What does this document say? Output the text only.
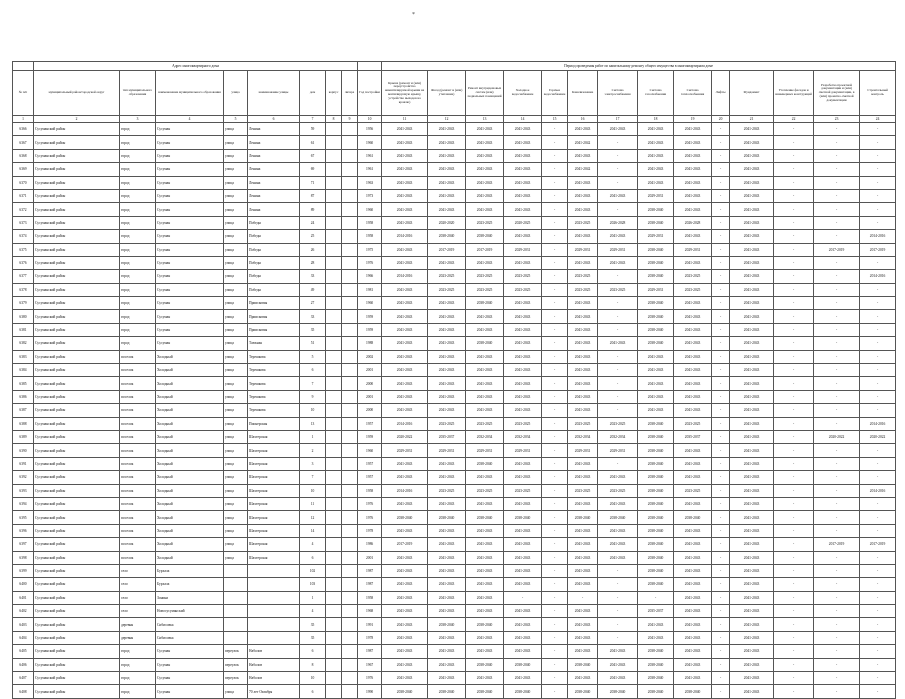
*
	Адрес многоквартирного дома									Период проведения работ по капитальному ремонту общего имущества в многоквартирном доме													
№ п/п	муниципальный район/городской округ	тип муниципального образования	наименование муниципального образования	улица	наименование улицы	дом	корпус	литера	Год постройки	Крыша (ремонт и (или) переустройство невентилируемой крыши на вентилируемую крышу, устройство выходов на кровлю)	Фасад (ремонт и (или) утепление)	Ремонт внутридомовых систем (или) подвальных помещений	Холодное водоснабжение	Горячее водоснабжение	Канализование	Система электроснабжения	Система газоснабжения	Система теплоснабжения	Лифты	Фундамент	Утепление фасадов и инженерных конструкций	Разработка проектной документации и (или) сметной документации, в (или) проектно-сметной документации	Строительный контроль
1	2	3	4	5	6	7	8	9	10	11	12	13	14	15	16	17	18	19	20	21	22	23	24
6366	Сусуманский район	город	Сусуман	улица	Ленина	59			1956	2041-2043	2041-2043	2041-2043	2041-2043	-	2041-2043	2041-2043	2041-2043	2041-2043	-	2041-2043	-	-	-
6367	Сусуманский район	город	Сусуман	улица	Ленина	61			1960	2041-2043	2041-2043	2041-2043	2041-2043	-	2041-2042	-	2041-2043	2041-2043	-	2041-2043	-	-	-
6368	Сусуманский район	город	Сусуман	улица	Ленина	67			1961	2041-2043	2041-2043	2041-2043	2041-2043	-	2041-2043	-	2041-2043	2041-2043	-	2041-2043	-	-	-
6369	Сусуманский район	город	Сусуман	улица	Ленина	69			1961	2041-2043	2041-2043	2041-2043	2041-2043	-	2041-2042	-	2041-2043	2041-2043	-	2041-2043	-	-	-
6370	Сусуманский район	город	Сусуман	улица	Ленина	71			1963	2041-2043	2041-2043	2041-2043	2041-2043	-	2041-2043	-	2041-2043	2041-2043	-	2041-2043	-	-	-
6371	Сусуманский район	город	Сусуман	улица	Ленина	87			1973	2041-2043	2041-2043	2041-2043	2041-2043	-	2041-2043	2041-2043	2029-2031	2041-2043	-	2041-2043	-	-	-
6372	Сусуманский район	город	Сусуман	улица	Ленина	89			1960	2041-2043	2041-2043	2041-2043	2041-2043	-	2041-2043	-	2038-2040	2041-2043	-	2041-2043	-	-	-
6373	Сусуманский район	город	Сусуман	улица	Победы	24			1958	2041-2043	2020-2020	2023-2025	2020-2025	-	2023-2025	2026-2028	2038-2040	2026-2028	-	2041-2043	-	-	-
6374	Сусуманский район	город	Сусуман	улица	Победы	25			1958	2014-2016	2038-2040	2038-2040	2041-2043	-	2041-2043	2041-2043	2029-2031	2041-2043	-	2041-2043	-	-	2014-2016
6375	Сусуманский район	город	Сусуман	улица	Победы	26			1975	2041-2043	2017-2019	2017-2019	2029-2031	-	2029-2031	2029-2031	2038-2040	2029-2031	-	2041-2043	-	2017-2019	2017-2019
6376	Сусуманский район	город	Сусуман	улица	Победы	28			1976	2041-2043	2041-2043	2041-2043	2041-2043	-	2041-2043	2041-2043	2038-2040	2041-2043	-	2041-2043	-	-	-
6377	Сусуманский район	город	Сусуман	улица	Победы	33			1966	2014-2016	2023-2025	2023-2025	2023-2025	-	2023-2025	-	2038-2040	2023-2025	-	2041-2043	-	-	2014-2016
6378	Сусуманский район	город	Сусуман	улица	Победы	49			1981	2041-2043	2023-2025	2023-2025	2023-2025	-	2023-2025	2023-2025	2029-2031	2023-2025	-	2041-2043	-	-	-
6379	Сусуманский район	город	Сусуман	улица	Приисковая	27			1960	2041-2043	2041-2043	2038-2040	2041-2043	-	2041-2043	-	2038-2040	2041-2043	-	2041-2043	-	-	-
6380	Сусуманский район	город	Сусуман	улица	Приисковая	33			1959	2041-2043	2041-2043	2041-2043	2041-2043	-	2041-2043	-	2038-2040	2041-2043	-	2041-2043	-	-	-
6381	Сусуманский район	город	Сусуман	улица	Приисковая	35			1959	2041-2043	2041-2043	2041-2043	2041-2043	-	2041-2043	-	2038-2040	2041-2043	-	2041-2043	-	-	-
6382	Сусуманский район	город	Сусуман	улица	Таежная	51			1988	2041-2043	2041-2043	2038-2040	2041-2043	-	2041-2043	2041-2043	2038-2040	2041-2043	-	2041-2043	-	-	-
6383	Сусуманский район	поселок	Холодный	улица	Терешкова	5			2002	2041-2043	2041-2043	2041-2043	2041-2043	-	2041-2043	-	2041-2043	2041-2043	-	2041-2043	-	-	-
6384	Сусуманский район	поселок	Холодный	улица	Терешкова	6			2001	2041-2043	2041-2043	2041-2043	2041-2043	-	2041-2043	-	2041-2043	2041-2043	-	2041-2043	-	-	-
6385	Сусуманский район	поселок	Холодный	улица	Терешкова	7			2000	2041-2043	2041-2043	2041-2043	2041-2043	-	2041-2043	-	2041-2043	2041-2043	-	2041-2043	-	-	-
6386	Сусуманский район	поселок	Холодный	улица	Терешкова	9			2001	2041-2043	2041-2043	2041-2043	2041-2043	-	2041-2043	-	2041-2043	2041-2043	-	2041-2043	-	-	-
6387	Сусуманский район	поселок	Холодный	улица	Терешкова	10			2000	2041-2043	2041-2043	2041-2043	2041-2043	-	2041-2043	-	2041-2043	2041-2043	-	2041-2043	-	-	-
6388	Сусуманский район	поселок	Холодный	улица	Пионерская	13			1957	2014-2016	2023-2025	2023-2025	2023-2025	-	2023-2025	2023-2025	2038-2040	2023-2025	-	2041-2043	-	-	2014-2016
6389	Сусуманский район	поселок	Холодный	улица	Шахтерская	1			1959	2020-2022	2035-2037	2032-2034	2032-2034	-	2032-2034	2032-2034	2038-2040	2035-2037	-	2041-2043	-	2020-2022	2020-2022
6390	Сусуманский район	поселок	Холодный	улица	Шахтерская	2			1960	2029-2031	2029-2031	2029-2031	2029-2031	-	2029-2031	2029-2031	2038-2040	2041-2043	-	2041-2043	-	-	-
6391	Сусуманский район	поселок	Холодный	улица	Шахтерская	3			1957	2041-2043	2041-2043	2038-2040	2041-2043	-	2041-2043	-	2038-2040	2041-2043	-	2041-2043	-	-	-
6392	Сусуманский район	поселок	Холодный	улица	Шахтерская	7			1957	2041-2043	2041-2043	2041-2043	2041-2043	-	2041-2043	2041-2043	2038-2040	2041-2043	-	2041-2043	-	-	-
6393	Сусуманский район	поселок	Холодный	улица	Шахтерская	10			1958	2014-2016	2023-2025	2023-2025	2023-2025	-	2023-2025	2023-2025	2038-2040	2023-2025	-	2041-2043	-	-	2014-2016
6394	Сусуманский район	поселок	Холодный	улица	Шахтерская	11			1976	2041-2043	2041-2043	2041-2043	2041-2043	-	2041-2043	2041-2043	2038-2040	2041-2043	-	2041-2043	-	-	-
6395	Сусуманский район	поселок	Холодный	улица	Шахтерская	12			1976	2038-2040	2038-2040	2038-2040	2038-2040	-	2038-2040	2038-2040	2038-2040	2038-2040	-	2041-2043	-	-	-
6396	Сусуманский район	поселок	Холодный	улица	Шахтерская	14			1978	2041-2043	2041-2043	2041-2043	2041-2043	-	2041-2043	2041-2043	2038-2040	2041-2043	-	2041-2043	-	-	-
6397	Сусуманский район	поселок	Холодный	улица	Шахтерская	4			1986	2017-2019	2041-2043	2041-2043	2041-2043	-	2041-2043	2041-2043	2038-2040	2041-2043	-	2041-2043	-	2017-2019	2017-2019
6398	Сусуманский район	поселок	Холодный	улица	Шахтерская	6			2001	2041-2043	2041-2043	2041-2043	2041-2043	-	2041-2043	2041-2043	2038-2040	2041-2043	-	2041-2043	-	-	-
6399	Сусуманский район	село	Бурхала			102			1987	2041-2043	2041-2043	2041-2043	2041-2043	-	2041-2043	-	2038-2040	2041-2043	-	2041-2043	-	-	-
6400	Сусуманский район	село	Бурхала			103			1987	2041-2043	2041-2043	2041-2043	2041-2043	-	2041-2043	-	2038-2040	2041-2043	-	2041-2043	-	-	-
6401	Сусуманский район	село	Зонина			1			1958	2041-2043	2041-2043	2041-2043	-	-	-	-	-	2041-2043	-	2041-2043	-	-	-
6402	Сусуманский район	село	Новосусуманский			4			1968	2041-2043	2041-2043	2041-2043	2041-2043	-	2041-2043	-	2035-2037	2041-2043	-	2041-2043	-	-	-
6403	Сусуманский район	деревня	Сибисовка			35			1991	2041-2043	2038-2040	2038-2040	2041-2043	-	2041-2043	-	2041-2043	2041-2043	-	2041-2043	-	-	-
6404	Сусуманский район	деревня	Сибисовка			35			1978	2041-2043	2041-2043	2041-2043	2041-2043	-	2041-2043	-	2041-2043	2041-2043	-	2041-2043	-	-	-
6405	Сусуманский район	город	Сусуман	переулок	Наболов	6			1987	2041-2043	2041-2043	2041-2043	2041-2043	-	2041-2043	2041-2043	2038-2040	2041-2043	-	2041-2043	-	-	-
6406	Сусуманский район	город	Сусуман	переулок	Наболов	8			1967	2041-2043	2041-2043	2038-2040	2038-2040	-	2038-2040	2041-2043	2038-2040	2041-2043	-	2041-2043	-	-	-
6407	Сусуманский район	город	Сусуман	переулок	Наболов	10			1976	2041-2043	2041-2043	2041-2043	2041-2043	-	2041-2043	2041-2043	2038-2040	2041-2043	-	2041-2043	-	-	-
6408	Сусуманский район	город	Сусуман	улица	70 лет Октября	6			1990	2038-2040	2038-2040	2038-2040	2038-2040	-	2038-2040	2038-2040	2038-2040	2038-2040	-	2041-2043	-	-	-
